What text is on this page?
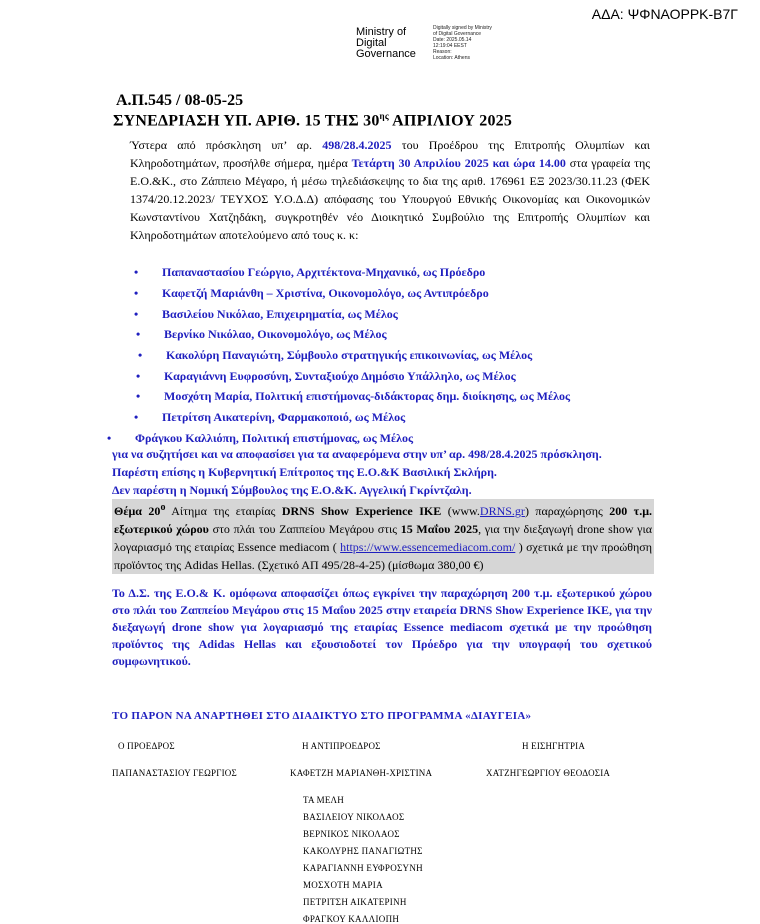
ΑΔΑ: ΨΦΝΑΟΡΡΚ-Β7Γ
Ministry of
Digital
Governance
Digitally signed by Ministry
of Digital Governance
Date: 2025.05.14
12:19:04 EEST
Reason:
Location: Athens
Α.Π.545 / 08-05-25
ΣΥΝΕΔΡΙΑΣΗ ΥΠ. ΑΡΙΘ. 15 ΤΗΣ $30^{\eta\varsigma}$ ΑΠΡΙΛΙΟΥ 2025
Ύστερα από πρόσκληση υπ’ αρ. 498/28.4.2025 του Προέδρου της Επιτροπής Ολυμπίων και Κληροδοτημάτων, προσήλθε σήμερα, ημέρα Τετάρτη 30 Απριλίου 2025 και ώρα 14.00 στα γραφεία της Ε.Ο.&Κ., στο Ζάππειο Μέγαρο, ή μέσω τηλεδιάσκεψης το δια της αριθ. 176961 ΕΞ 2023/30.11.23 (ΦΕΚ 1374/20.12.2023/ ΤΕΥΧΟΣ Υ.Ο.Δ.Δ) απόφασης του Υπουργού Εθνικής Οικονομίας και Οικονομικών Κωνσταντίνου Χατζηδάκη, συγκροτηθέν νέο Διοικητικό Συμβούλιο της Επιτροπής Ολυμπίων και Κληροδοτημάτων αποτελούμενο από τους κ. κ:
• Παπαναστασίου Γεώργιο, Αρχιτέκτονα-Μηχανικό, ως Πρόεδρο
• Καφετζή Μαριάνθη – Χριστίνα, Οικονομολόγο, ως Αντιπρόεδρο
• Βασιλείου Νικόλαο, Επιχειρηματία, ως Μέλος
• Βερνίκο Νικόλαο, Οικονομολόγο, ως Μέλος
• Κακολύρη Παναγιώτη, Σύμβουλο στρατηγικής επικοινωνίας, ως Μέλος
• Καραγιάννη Ευφροσύνη, Συνταξιούχο Δημόσιο Υπάλληλο, ως Μέλος
• Μοσχότη Μαρία, Πολιτική επιστήμονας-διδάκτορας δημ. διοίκησης, ως Μέλος
• Πετρίτση Αικατερίνη, Φαρμακοποιό, ως Μέλος
• Φράγκου Καλλιόπη, Πολιτική επιστήμονας, ως Μέλος
για να συζητήσει και να αποφασίσει για τα αναφερόμενα στην υπ’ αρ. 498/28.4.2025 πρόσκληση.
Παρέστη επίσης η Κυβερνητική Επίτροπος της Ε.Ο.&Κ Βασιλική Σκλήρη.
Δεν παρέστη η Νομική Σύμβουλος της Ε.Ο.&Κ. Αγγελική Γκρίντζαλη.
Θέμα $20^o$ Αίτημα της εταιρίας DRNS Show Experience IKE (www.DRNS.gr) παραχώρησης 200 τ.μ. εξωτερικού χώρου στο πλάι του Ζαππείου Μεγάρου στις 15 Μαΐου 2025, για την διεξαγωγή drone show για λογαριασμό της εταιρίας Essence mediacom ( https://www.essencemediacom.com/ ) σχετικά με την προώθηση προϊόντος της Adidas Hellas. (Σχετικό ΑΠ 495/28-4-25) (μίσθωμα 380,00 €)
Το Δ.Σ. της Ε.Ο.& Κ. ομόφωνα αποφασίζει όπως εγκρίνει την παραχώρηση 200 τ.μ. εξωτερικού χώρου στο πλάι του Ζαππείου Μεγάρου στις 15 Μαΐου 2025 στην εταιρεία DRNS Show Experience IKE, για την διεξαγωγή drone show για λογαριασμό της εταιρίας Essence mediacom σχετικά με την προώθηση προϊόντος της Adidas Hellas και εξουσιοδοτεί τον Πρόεδρο για την υπογραφή του σχετικού συμφωνητικού.
ΤΟ ΠΑΡΟΝ ΝΑ ΑΝΑΡΤΗΘΕΙ ΣΤΟ ΔΙΑΔΙΚΤΥΟ ΣΤΟ ΠΡΟΓΡΑΜΜΑ «ΔΙΑΥΓΕΙΑ»
Ο ΠΡΟΕΔΡΟΣ	Η ΑΝΤΙΠΡΟΕΔΡΟΣ	Η ΕΙΣΗΓΗΤΡΙΑ
ΠΑΠΑΝΑΣΤΑΣΙΟΥ ΓΕΩΡΓΙΟΣ	ΚΑΦΕΤΖΗ ΜΑΡΙΑΝΘΗ-ΧΡΙΣΤΙΝΑ	ΧΑΤΖΗΓΕΩΡΓΙΟΥ ΘΕΟΔΟΣΙΑ
ΤΑ ΜΕΛΗ
ΒΑΣΙΛΕΙΟΥ ΝΙΚΟΛΑΟΣ
ΒΕΡΝΙΚΟΣ ΝΙΚΟΛΑΟΣ
ΚΑΚΟΛΥΡΗΣ ΠΑΝΑΓΙΩΤΗΣ
ΚΑΡΑΓΙΑΝΝΗ ΕΥΦΡΟΣΥΝΗ
ΜΟΣΧΟΤΗ ΜΑΡΙΑ
ΠΕΤΡΙΤΣΗ ΑΙΚΑΤΕΡΙΝΗ
ΦΡΑΓΚΟΥ ΚΑΛΛΙΟΠΗ
